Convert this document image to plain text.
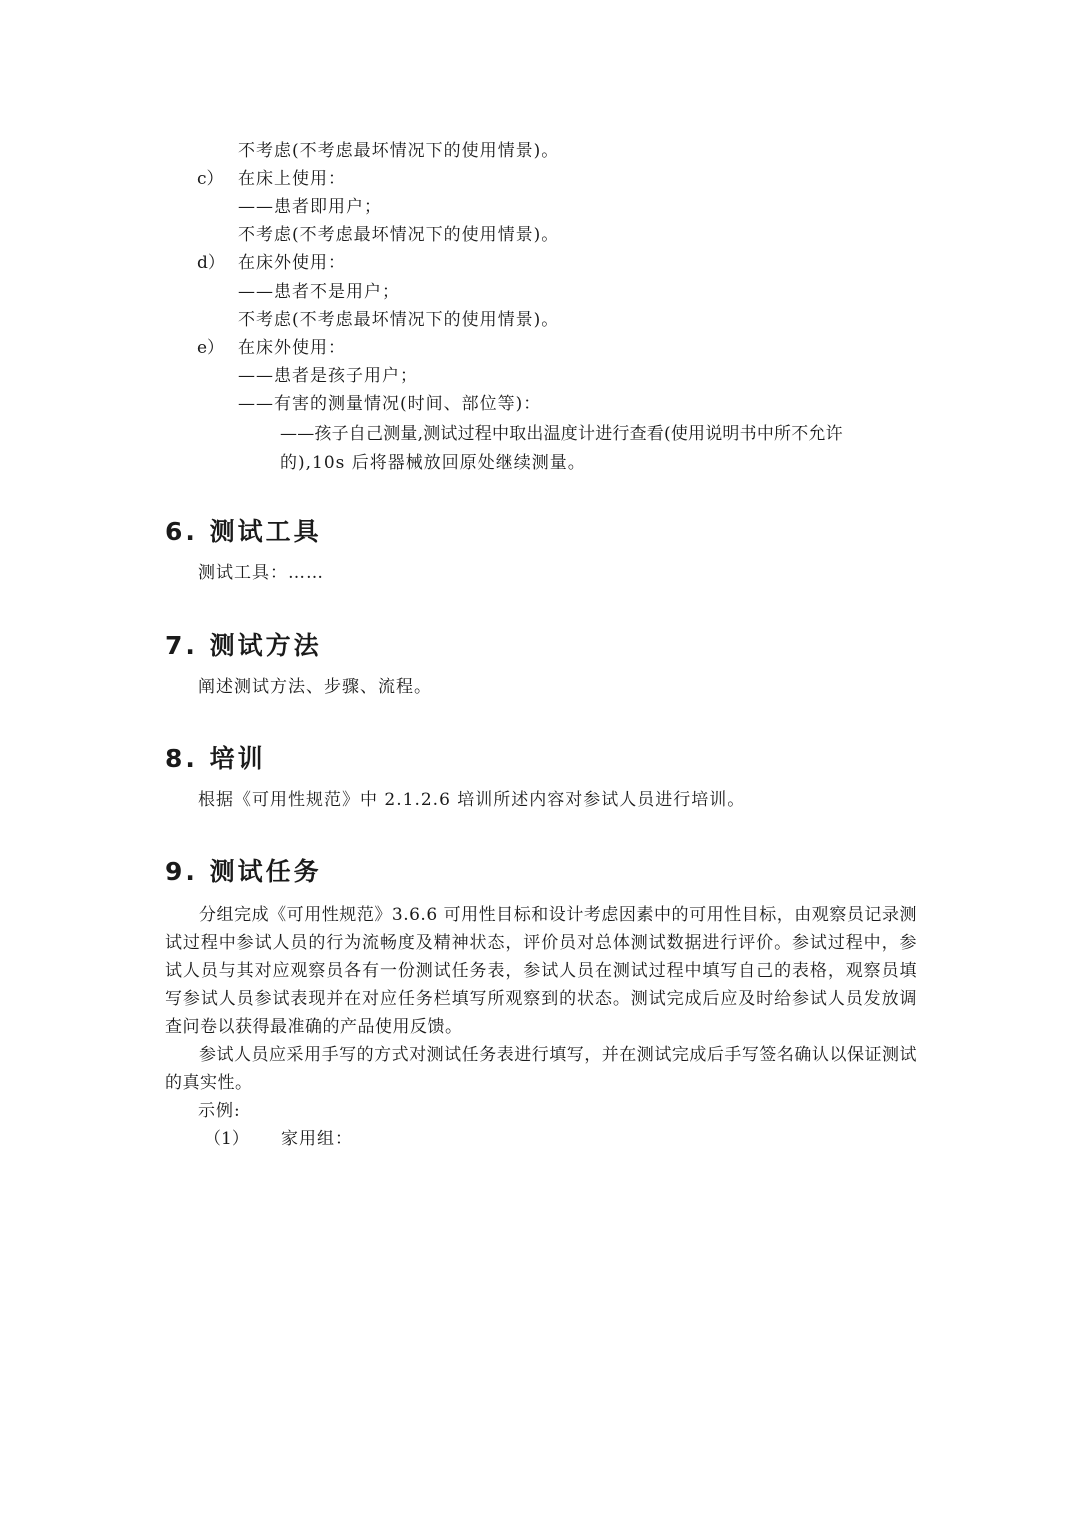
不考虑(不考虑最坏情况下的使用情景)。
c） 在床上使用：
——患者即用户；
不考虑(不考虑最坏情况下的使用情景)。
d） 在床外使用：
——患者不是用户；
不考虑(不考虑最坏情况下的使用情景)。
e） 在床外使用：
——患者是孩子用户；
——有害的测量情况(时间、部位等)：
——孩子自己测量,测试过程中取出温度计进行查看(使用说明书中所不允许
的),10s 后将器械放回原处继续测量。
6. 测试工具
测试工具：……
7. 测试方法
阐述测试方法、步骤、流程。
8. 培训
根据《可用性规范》中 2.1.2.6 培训所述内容对参试人员进行培训。
9. 测试任务
分组完成《可用性规范》3.6.6 可用性目标和设计考虑因素中的可用性目标，由观察员记录测试过程中参试人员的行为流畅度及精神状态，评价员对总体测试数据进行评价。参试过程中，参试人员与其对应观察员各有一份测试任务表，参试人员在测试过程中填写自己的表格，观察员填写参试人员参试表现并在对应任务栏填写所观察到的状态。测试完成后应及时给参试人员发放调查问卷以获得最准确的产品使用反馈。
参试人员应采用手写的方式对测试任务表进行填写，并在测试完成后手写签名确认以保证测试的真实性。
示例:
（1） 家用组：
